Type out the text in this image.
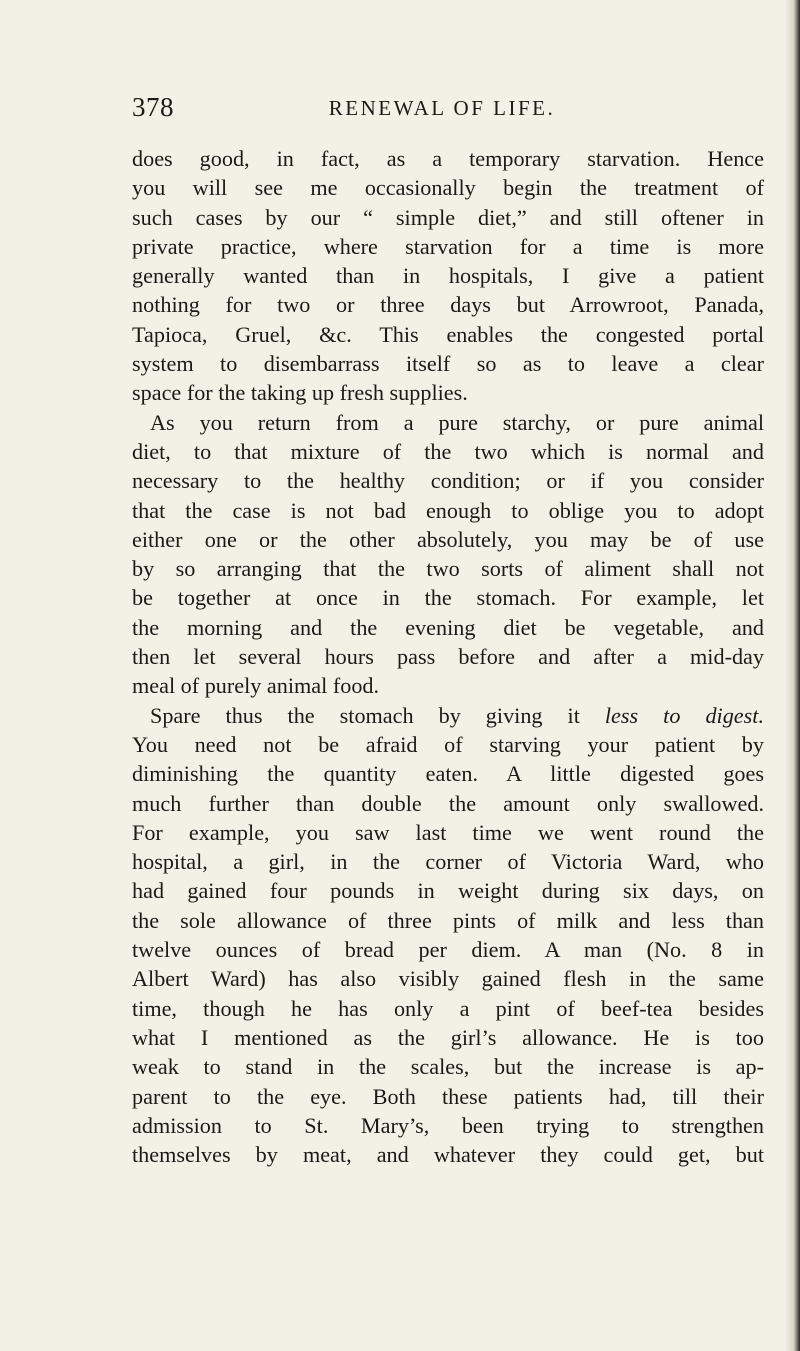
378	RENEWAL OF LIFE.
does good, in fact, as a temporary starvation. Hence
you will see me occasionally begin the treatment of
such cases by our “ simple diet,” and still oftener in
private practice, where starvation for a time is more
generally wanted than in hospitals, I give a patient
nothing for two or three days but Arrowroot, Panada,
Tapioca, Gruel, &c. This enables the congested portal
system to disembarrass itself so as to leave a clear
space for the taking up fresh supplies.
As you return from a pure starchy, or pure animal
diet, to that mixture of the two which is normal and
necessary to the healthy condition; or if you consider
that the case is not bad enough to oblige you to adopt
either one or the other absolutely, you may be of use
by so arranging that the two sorts of aliment shall not
be together at once in the stomach. For example, let
the morning and the evening diet be vegetable, and
then let several hours pass before and after a mid-day
meal of purely animal food.
Spare thus the stomach by giving it less to digest.
You need not be afraid of starving your patient by
diminishing the quantity eaten. A little digested goes
much further than double the amount only swallowed.
For example, you saw last time we went round the
hospital, a girl, in the corner of Victoria Ward, who
had gained four pounds in weight during six days, on
the sole allowance of three pints of milk and less than
twelve ounces of bread per diem. A man (No. 8 in
Albert Ward) has also visibly gained flesh in the same
time, though he has only a pint of beef-tea besides
what I mentioned as the girl’s allowance. He is too
weak to stand in the scales, but the increase is ap-
parent to the eye. Both these patients had, till their
admission to St. Mary’s, been trying to strengthen
themselves by meat, and whatever they could get, but
